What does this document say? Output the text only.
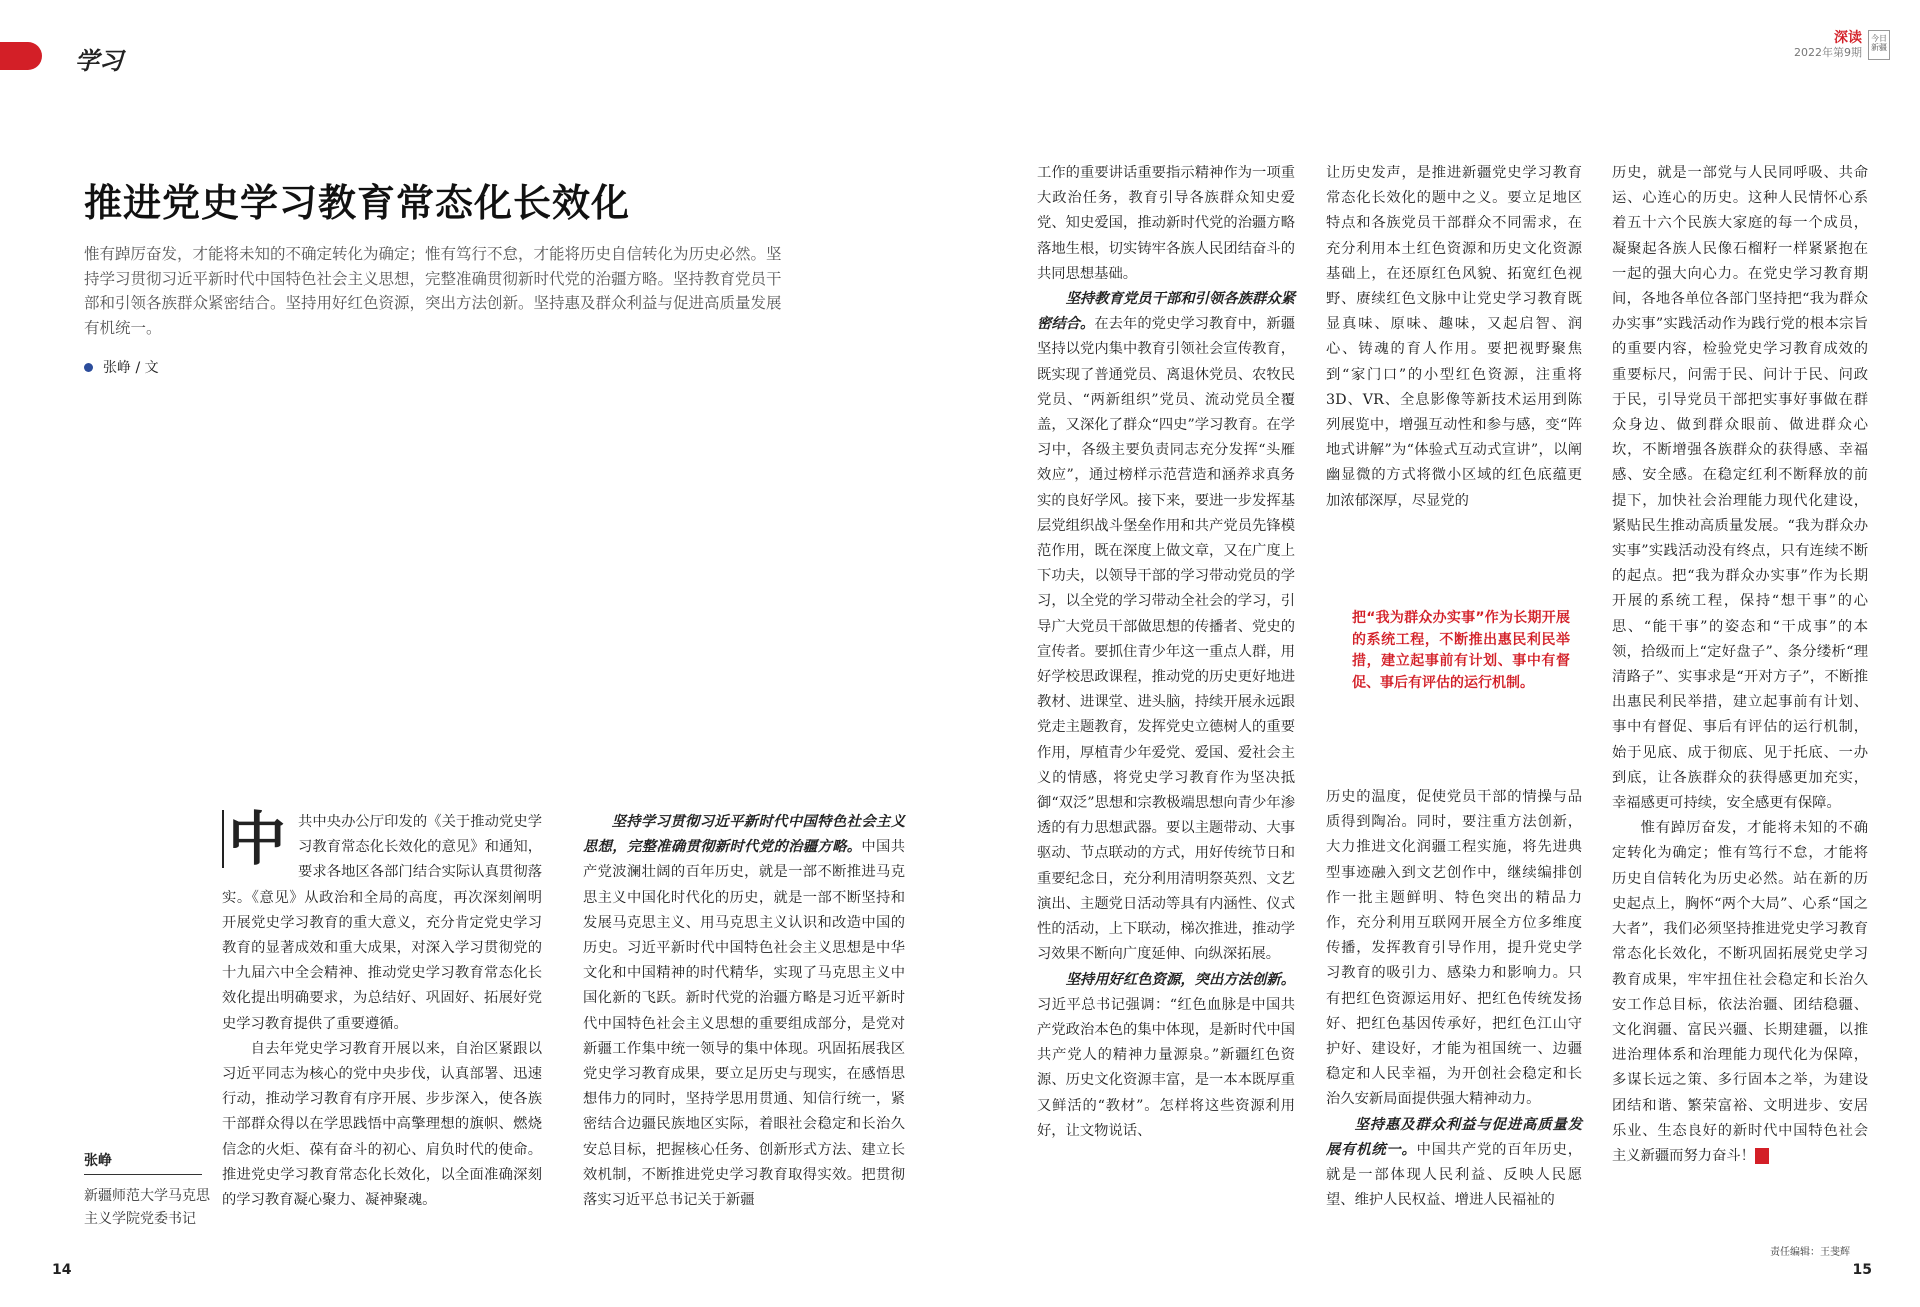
学习
深读
2022年第9期
今日新疆
推进党史学习教育常态化长效化

惟有踔厉奋发，才能将未知的不确定转化为确定；惟有笃行不怠，才能将历史自信转化为历史必然。坚持学习贯彻习近平新时代中国特色社会主义思想，完整准确贯彻新时代党的治疆方略。坚持教育党员干部和引领各族群众紧密结合。坚持用好红色资源，突出方法创新。坚持惠及群众利益与促进高质量发展有机统一。

张峥 / 文

中 共中央办公厅印发的《关于推动党史学习教育常态化长效化的意见》和通知，要求各地区各部门结合实际认真贯彻落实。《意见》从政治和全局的高度，再次深刻阐明开展党史学习教育的重大意义，充分肯定党史学习教育的显著成效和重大成果，对深入学习贯彻党的十九届六中全会精神、推动党史学习教育常态化长效化提出明确要求，为总结好、巩固好、拓展好党史学习教育提供了重要遵循。

自去年党史学习教育开展以来，自治区紧跟以习近平同志为核心的党中央步伐，认真部署、迅速行动，推动学习教育有序开展、步步深入，使各族干部群众得以在学思践悟中高擎理想的旗帜、燃烧信念的火炬、葆有奋斗的初心、肩负时代的使命。推进党史学习教育常态化长效化，以全面准确深刻的学习教育凝心聚力、凝神聚魂。

坚持学习贯彻习近平新时代中国特色社会主义思想，完整准确贯彻新时代党的治疆方略。中国共产党波澜壮阔的百年历史，就是一部不断推进马克思主义中国化时代化的历史，就是一部不断坚持和发展马克思主义、用马克思主义认识和改造中国的历史。习近平新时代中国特色社会主义思想是中华文化和中国精神的时代精华，实现了马克思主义中国化新的飞跃。新时代党的治疆方略是习近平新时代中国特色社会主义思想的重要组成部分，是党对新疆工作集中统一领导的集中体现。巩固拓展我区党史学习教育成果，要立足历史与现实，在感悟思想伟力的同时，坚持学思用贯通、知信行统一，紧密结合边疆民族地区实际，着眼社会稳定和长治久安总目标，把握核心任务、创新形式方法、建立长效机制，不断推进党史学习教育取得实效。把贯彻落实习近平总书记关于新疆

工作的重要讲话重要指示精神作为一项重大政治任务，教育引导各族群众知史爱党、知史爱国，推动新时代党的治疆方略落地生根，切实铸牢各族人民团结奋斗的共同思想基础。

坚持教育党员干部和引领各族群众紧密结合。在去年的党史学习教育中，新疆坚持以党内集中教育引领社会宣传教育，既实现了普通党员、离退休党员、农牧民党员、“两新组织”党员、流动党员全覆盖，又深化了群众“四史”学习教育。在学习中，各级主要负责同志充分发挥“头雁效应”，通过榜样示范营造和涵养求真务实的良好学风。接下来，要进一步发挥基层党组织战斗堡垒作用和共产党员先锋模范作用，既在深度上做文章，又在广度上下功夫，以领导干部的学习带动党员的学习，以全党的学习带动全社会的学习，引导广大党员干部做思想的传播者、党史的宣传者。要抓住青少年这一重点人群，用好学校思政课程，推动党的历史更好地进教材、进课堂、进头脑，持续开展永远跟党走主题教育，发挥党史立德树人的重要作用，厚植青少年爱党、爱国、爱社会主义的情感，将党史学习教育作为坚决抵御“双泛”思想和宗教极端思想向青少年渗透的有力思想武器。要以主题带动、大事驱动、节点联动的方式，用好传统节日和重要纪念日，充分利用清明祭英烈、文艺演出、主题党日活动等具有内涵性、仪式性的活动，上下联动，梯次推进，推动学习效果不断向广度延伸、向纵深拓展。

坚持用好红色资源，突出方法创新。习近平总书记强调：“红色血脉是中国共产党政治本色的集中体现，是新时代中国共产党人的精神力量源泉。”新疆红色资源、历史文化资源丰富，是一本本既厚重又鲜活的“教材”。怎样将这些资源利用好，让文物说话、

让历史发声，是推进新疆党史学习教育常态化长效化的题中之义。要立足地区特点和各族党员干部群众不同需求，在充分利用本土红色资源和历史文化资源基础上，在还原红色风貌、拓宽红色视野、赓续红色文脉中让党史学习教育既显真味、原味、趣味，又起启智、润心、铸魂的育人作用。要把视野聚焦到“家门口”的小型红色资源，注重将3D、VR、全息影像等新技术运用到陈列展览中，增强互动性和参与感，变“阵地式讲解”为“体验式互动式宣讲”，以阐幽显微的方式将微小区域的红色底蕴更加浓郁深厚，尽显党的

把“我为群众办实事”作为长期开展的系统工程，不断推出惠民利民举措，建立起事前有计划、事中有督促、事后有评估的运行机制。

历史的温度，促使党员干部的情操与品质得到陶冶。同时，要注重方法创新，大力推进文化润疆工程实施，将先进典型事迹融入到文艺创作中，继续编排创作一批主题鲜明、特色突出的精品力作，充分利用互联网开展全方位多维度传播，发挥教育引导作用，提升党史学习教育的吸引力、感染力和影响力。只有把红色资源运用好、把红色传统发扬好、把红色基因传承好，把红色江山守护好、建设好，才能为祖国统一、边疆稳定和人民幸福，为开创社会稳定和长治久安新局面提供强大精神动力。

坚持惠及群众利益与促进高质量发展有机统一。中国共产党的百年历史，就是一部体现人民利益、反映人民愿望、维护人民权益、增进人民福祉的

历史，就是一部党与人民同呼吸、共命运、心连心的历史。这种人民情怀心系着五十六个民族大家庭的每一个成员，凝聚起各族人民像石榴籽一样紧紧抱在一起的强大向心力。在党史学习教育期间，各地各单位各部门坚持把“我为群众办实事”实践活动作为践行党的根本宗旨的重要内容，检验党史学习教育成效的重要标尺，问需于民、问计于民、问政于民，引导党员干部把实事好事做在群众身边、做到群众眼前、做进群众心坎，不断增强各族群众的获得感、幸福感、安全感。在稳定红利不断释放的前提下，加快社会治理能力现代化建设，紧贴民生推动高质量发展。“我为群众办实事”实践活动没有终点，只有连续不断的起点。把“我为群众办实事”作为长期开展的系统工程，保持“想干事”的心思、“能干事”的姿态和“干成事”的本领，拾级而上“定好盘子”、条分缕析“理清路子”、实事求是“开对方子”，不断推出惠民利民举措，建立起事前有计划、事中有督促、事后有评估的运行机制，始于见底、成于彻底、见于托底、一办到底，让各族群众的获得感更加充实，幸福感更可持续，安全感更有保障。

惟有踔厉奋发，才能将未知的不确定转化为确定；惟有笃行不怠，才能将历史自信转化为历史必然。站在新的历史起点上，胸怀“两个大局”、心系“国之大者”，我们必须坚持推进党史学习教育常态化长效化，不断巩固拓展党史学习教育成果，牢牢扭住社会稳定和长治久安工作总目标，依法治疆、团结稳疆、文化润疆、富民兴疆、长期建疆，以推进治理体系和治理能力现代化为保障，多谋长远之策、多行固本之举，为建设团结和谐、繁荣富裕、文明进步、安居乐业、生态良好的新时代中国特色社会主义新疆而努力奋斗！	J

张峥
新疆师范大学马克思主义学院党委书记
14
责任编辑：王斐辉
15
